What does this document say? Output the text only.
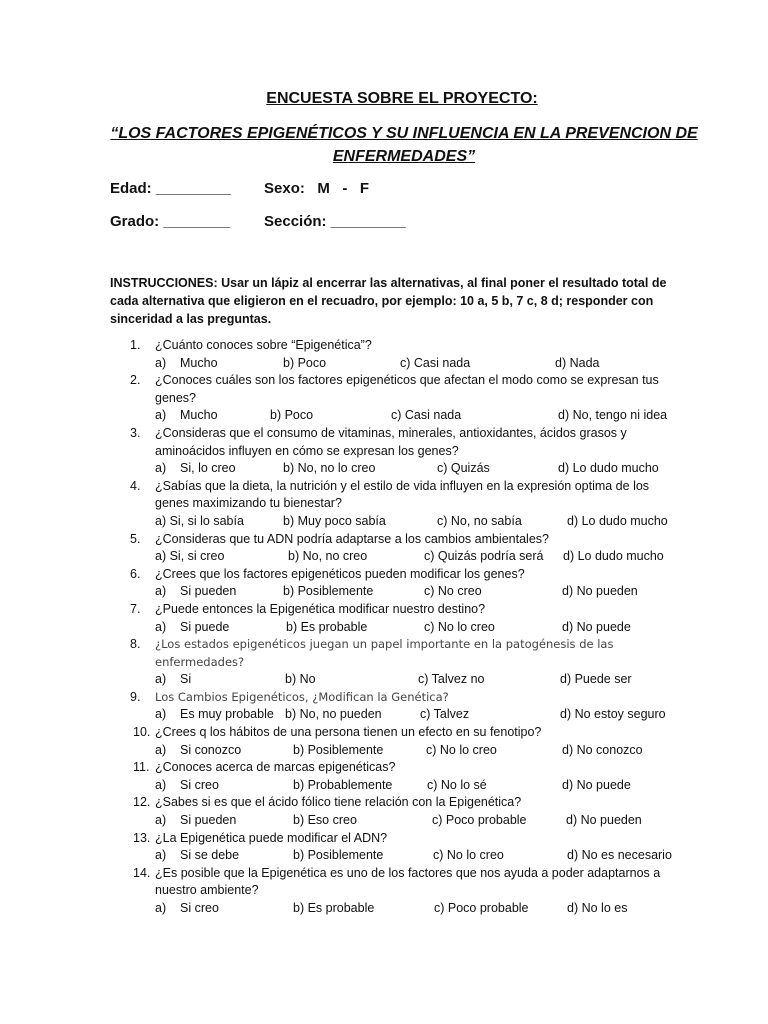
ENCUESTA SOBRE EL PROYECTO:
“LOS FACTORES EPIGENÉTICOS Y SU INFLUENCIA EN LA PREVENCION DE
ENFERMEDADES”
Edad: _________ Sexo:   M   -   F
Grado: ________ Sección: _________
INSTRUCCIONES: Usar un lápiz al encerrar las alternativas, al final poner el resultado total de cada alternativa que eligieron en el recuadro, por ejemplo: 10 a, 5 b, 7 c, 8 d; responder con sinceridad a las preguntas.
1.	¿Cuánto conoces sobre “Epigenética”?
a)    Mucho	b) Poco	c) Casi nada	d) Nada
2.	¿Conoces cuáles son los factores epigenéticos que afectan el modo como se expresan tus genes?
a)    Mucho	b) Poco	c) Casi nada	d) No, tengo ni idea
3.	¿Consideras que el consumo de vitaminas, minerales, antioxidantes, ácidos grasos y aminoácidos influyen en cómo se expresan los genes?
a)    Si, lo creo	b) No, no lo creo	c) Quizás	d) Lo dudo mucho
4.	¿Sabías que la dieta, la nutrición y el estilo de vida influyen en la expresión optima de los genes maximizando tu bienestar?
a) Si, si lo sabía	b) Muy poco sabía	c) No, no sabía	d) Lo dudo mucho
5.	¿Consideras que tu ADN podría adaptarse a los cambios ambientales?
a) Si, si creo	b) No, no creo	c) Quizás podría será d) Lo dudo mucho
6.	¿Crees que los factores epigenéticos pueden modificar los genes?
a)    Si pueden	b) Posiblemente	c) No creo	d) No pueden
7.	¿Puede entonces la Epigenética modificar nuestro destino?
a)    Si puede	b) Es probable	c) No lo creo	d) No puede
8.	¿Los estados epigenéticos juegan un papel importante en la patogénesis de las enfermedades?
a)    Si	b) No	c) Talvez no	d) Puede ser
9.	Los Cambios Epigenéticos, ¿Modifican la Genética?
a)    Es muy probable b) No, no pueden	c) Talvez	d) No estoy seguro
10. ¿Crees q los hábitos de una persona tienen un efecto en su fenotipo?
a)    Si conozco	b) Posiblemente	c) No lo creo	d) No conozco
11. ¿Conoces acerca de marcas epigenéticas?
a)    Si creo	b) Probablemente	c) No lo sé	d) No puede
12. ¿Sabes si es que el ácido fólico tiene relación con la Epigenética?
a)    Si pueden	b) Eso creo	c) Poco probable	d) No pueden
13. ¿La Epigenética puede modificar el ADN?
a)    Si se debe	b) Posiblemente	c) No lo creo	d) No es necesario
14. ¿Es posible que la Epigenética es uno de los factores que nos ayuda a poder adaptarnos a nuestro ambiente?
a)    Si creo	b) Es probable	c) Poco probable	d) No lo es
